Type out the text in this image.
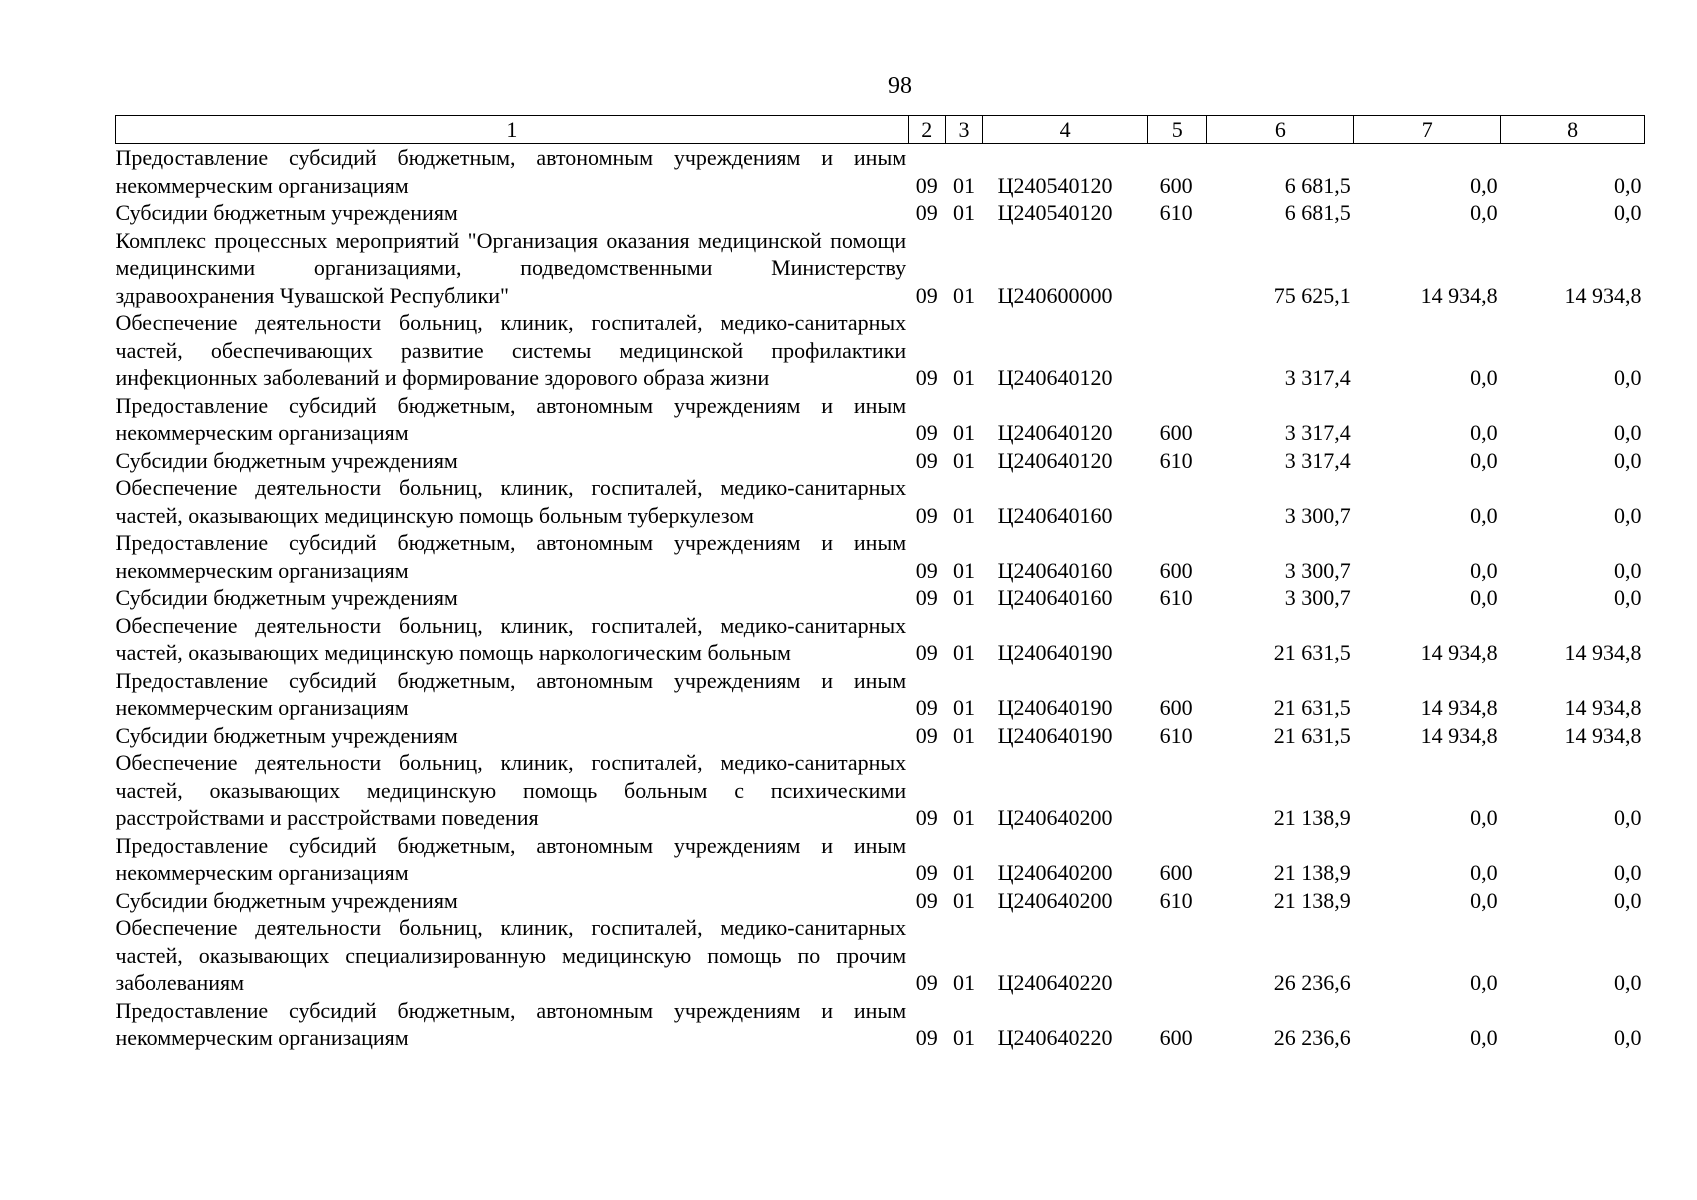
98
1	2	3	4	5	6	7	8
Предоставление субсидий бюджетным, автономным учреждениям и иным некоммерческим организациям	09	01	Ц240540120	600	6 681,5	0,0	0,0
Субсидии бюджетным учреждениям	09	01	Ц240540120	610	6 681,5	0,0	0,0
Комплекс процессных мероприятий "Организация оказания медицинской помощи медицинскими организациями, подведомственными Министерству здравоохранения Чувашской Республики"	09	01	Ц240600000		75 625,1	14 934,8	14 934,8
Обеспечение деятельности больниц, клиник, госпиталей, медико-санитарных частей, обеспечивающих развитие системы медицинской профилактики инфекционных заболеваний и формирование здорового образа жизни	09	01	Ц240640120		3 317,4	0,0	0,0
Предоставление субсидий бюджетным, автономным учреждениям и иным некоммерческим организациям	09	01	Ц240640120	600	3 317,4	0,0	0,0
Субсидии бюджетным учреждениям	09	01	Ц240640120	610	3 317,4	0,0	0,0
Обеспечение деятельности больниц, клиник, госпиталей, медико-санитарных частей, оказывающих медицинскую помощь больным туберкулезом	09	01	Ц240640160		3 300,7	0,0	0,0
Предоставление субсидий бюджетным, автономным учреждениям и иным некоммерческим организациям	09	01	Ц240640160	600	3 300,7	0,0	0,0
Субсидии бюджетным учреждениям	09	01	Ц240640160	610	3 300,7	0,0	0,0
Обеспечение деятельности больниц, клиник, госпиталей, медико-санитарных частей, оказывающих медицинскую помощь наркологическим больным	09	01	Ц240640190		21 631,5	14 934,8	14 934,8
Предоставление субсидий бюджетным, автономным учреждениям и иным некоммерческим организациям	09	01	Ц240640190	600	21 631,5	14 934,8	14 934,8
Субсидии бюджетным учреждениям	09	01	Ц240640190	610	21 631,5	14 934,8	14 934,8
Обеспечение деятельности больниц, клиник, госпиталей, медико-санитарных частей, оказывающих медицинскую помощь больным с психическими расстройствами и расстройствами поведения	09	01	Ц240640200		21 138,9	0,0	0,0
Предоставление субсидий бюджетным, автономным учреждениям и иным некоммерческим организациям	09	01	Ц240640200	600	21 138,9	0,0	0,0
Субсидии бюджетным учреждениям	09	01	Ц240640200	610	21 138,9	0,0	0,0
Обеспечение деятельности больниц, клиник, госпиталей, медико-санитарных частей, оказывающих специализированную медицинскую помощь по прочим заболеваниям	09	01	Ц240640220		26 236,6	0,0	0,0
Предоставление субсидий бюджетным, автономным учреждениям и иным некоммерческим организациям	09	01	Ц240640220	600	26 236,6	0,0	0,0
